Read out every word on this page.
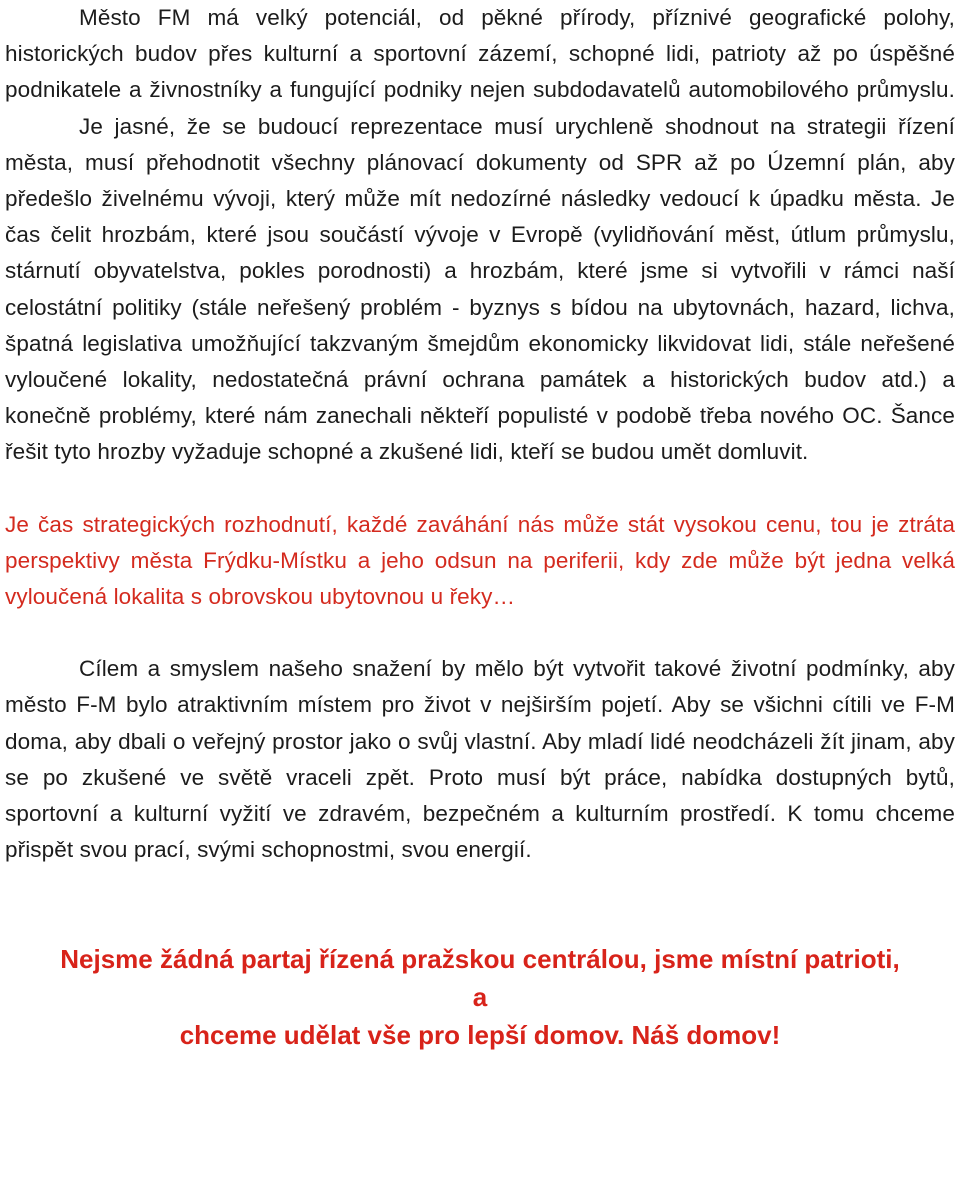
Město FM má velký potenciál, od pěkné přírody, příznivé geografické polohy, historických budov přes kulturní a sportovní zázemí, schopné lidi, patrioty až po úspěšné podnikatele a živnostníky a fungující podniky nejen subdodavatelů automobilového průmyslu. Je jasné, že se budoucí reprezentace musí urychleně shodnout na strategii řízení města, musí přehodnotit všechny plánovací dokumenty od SPR až po Územní plán, aby předešlo živelnému vývoji, který může mít nedozírné následky vedoucí k úpadku města. Je čas čelit hrozbám, které jsou součástí vývoje v Evropě (vylidňování měst, útlum průmyslu, stárnutí obyvatelstva, pokles porodnosti) a hrozbám, které jsme si vytvořili v rámci naší celostátní politiky (stále neřešený problém - byznys s bídou na ubytovnách, hazard, lichva, špatná legislativa umožňující takzvaným šmejdům ekonomicky likvidovat lidi, stále neřešené vyloučené lokality, nedostatečná právní ochrana památek a historických budov atd.) a konečně problémy, které nám zanechali někteří populisté v podobě třeba nového OC. Šance řešit tyto hrozby vyžaduje schopné a zkušené lidi, kteří se budou umět domluvit.

Je čas strategických rozhodnutí, každé zaváhání nás může stát vysokou cenu, tou je ztráta perspektivy města Frýdku-Místku a jeho odsun na periferii, kdy zde může být jedna velká vyloučená lokalita s obrovskou ubytovnou u řeky…

Cílem a smyslem našeho snažení by mělo být vytvořit takové životní podmínky, aby město F-M bylo atraktivním místem pro život v nejširším pojetí. Aby se všichni cítili ve F-M doma, aby dbali o veřejný prostor jako o svůj vlastní. Aby mladí lidé neodcházeli žít jinam, aby se po zkušené ve světě vraceli zpět. Proto musí být práce, nabídka dostupných bytů, sportovní a kulturní vyžití ve zdravém, bezpečném a kulturním prostředí. K tomu chceme přispět svou prací, svými schopnostmi, svou energií.

Nejsme žádná partaj řízená pražskou centrálou, jsme místní patrioti,
a
chceme udělat vše pro lepší domov. Náš domov!
